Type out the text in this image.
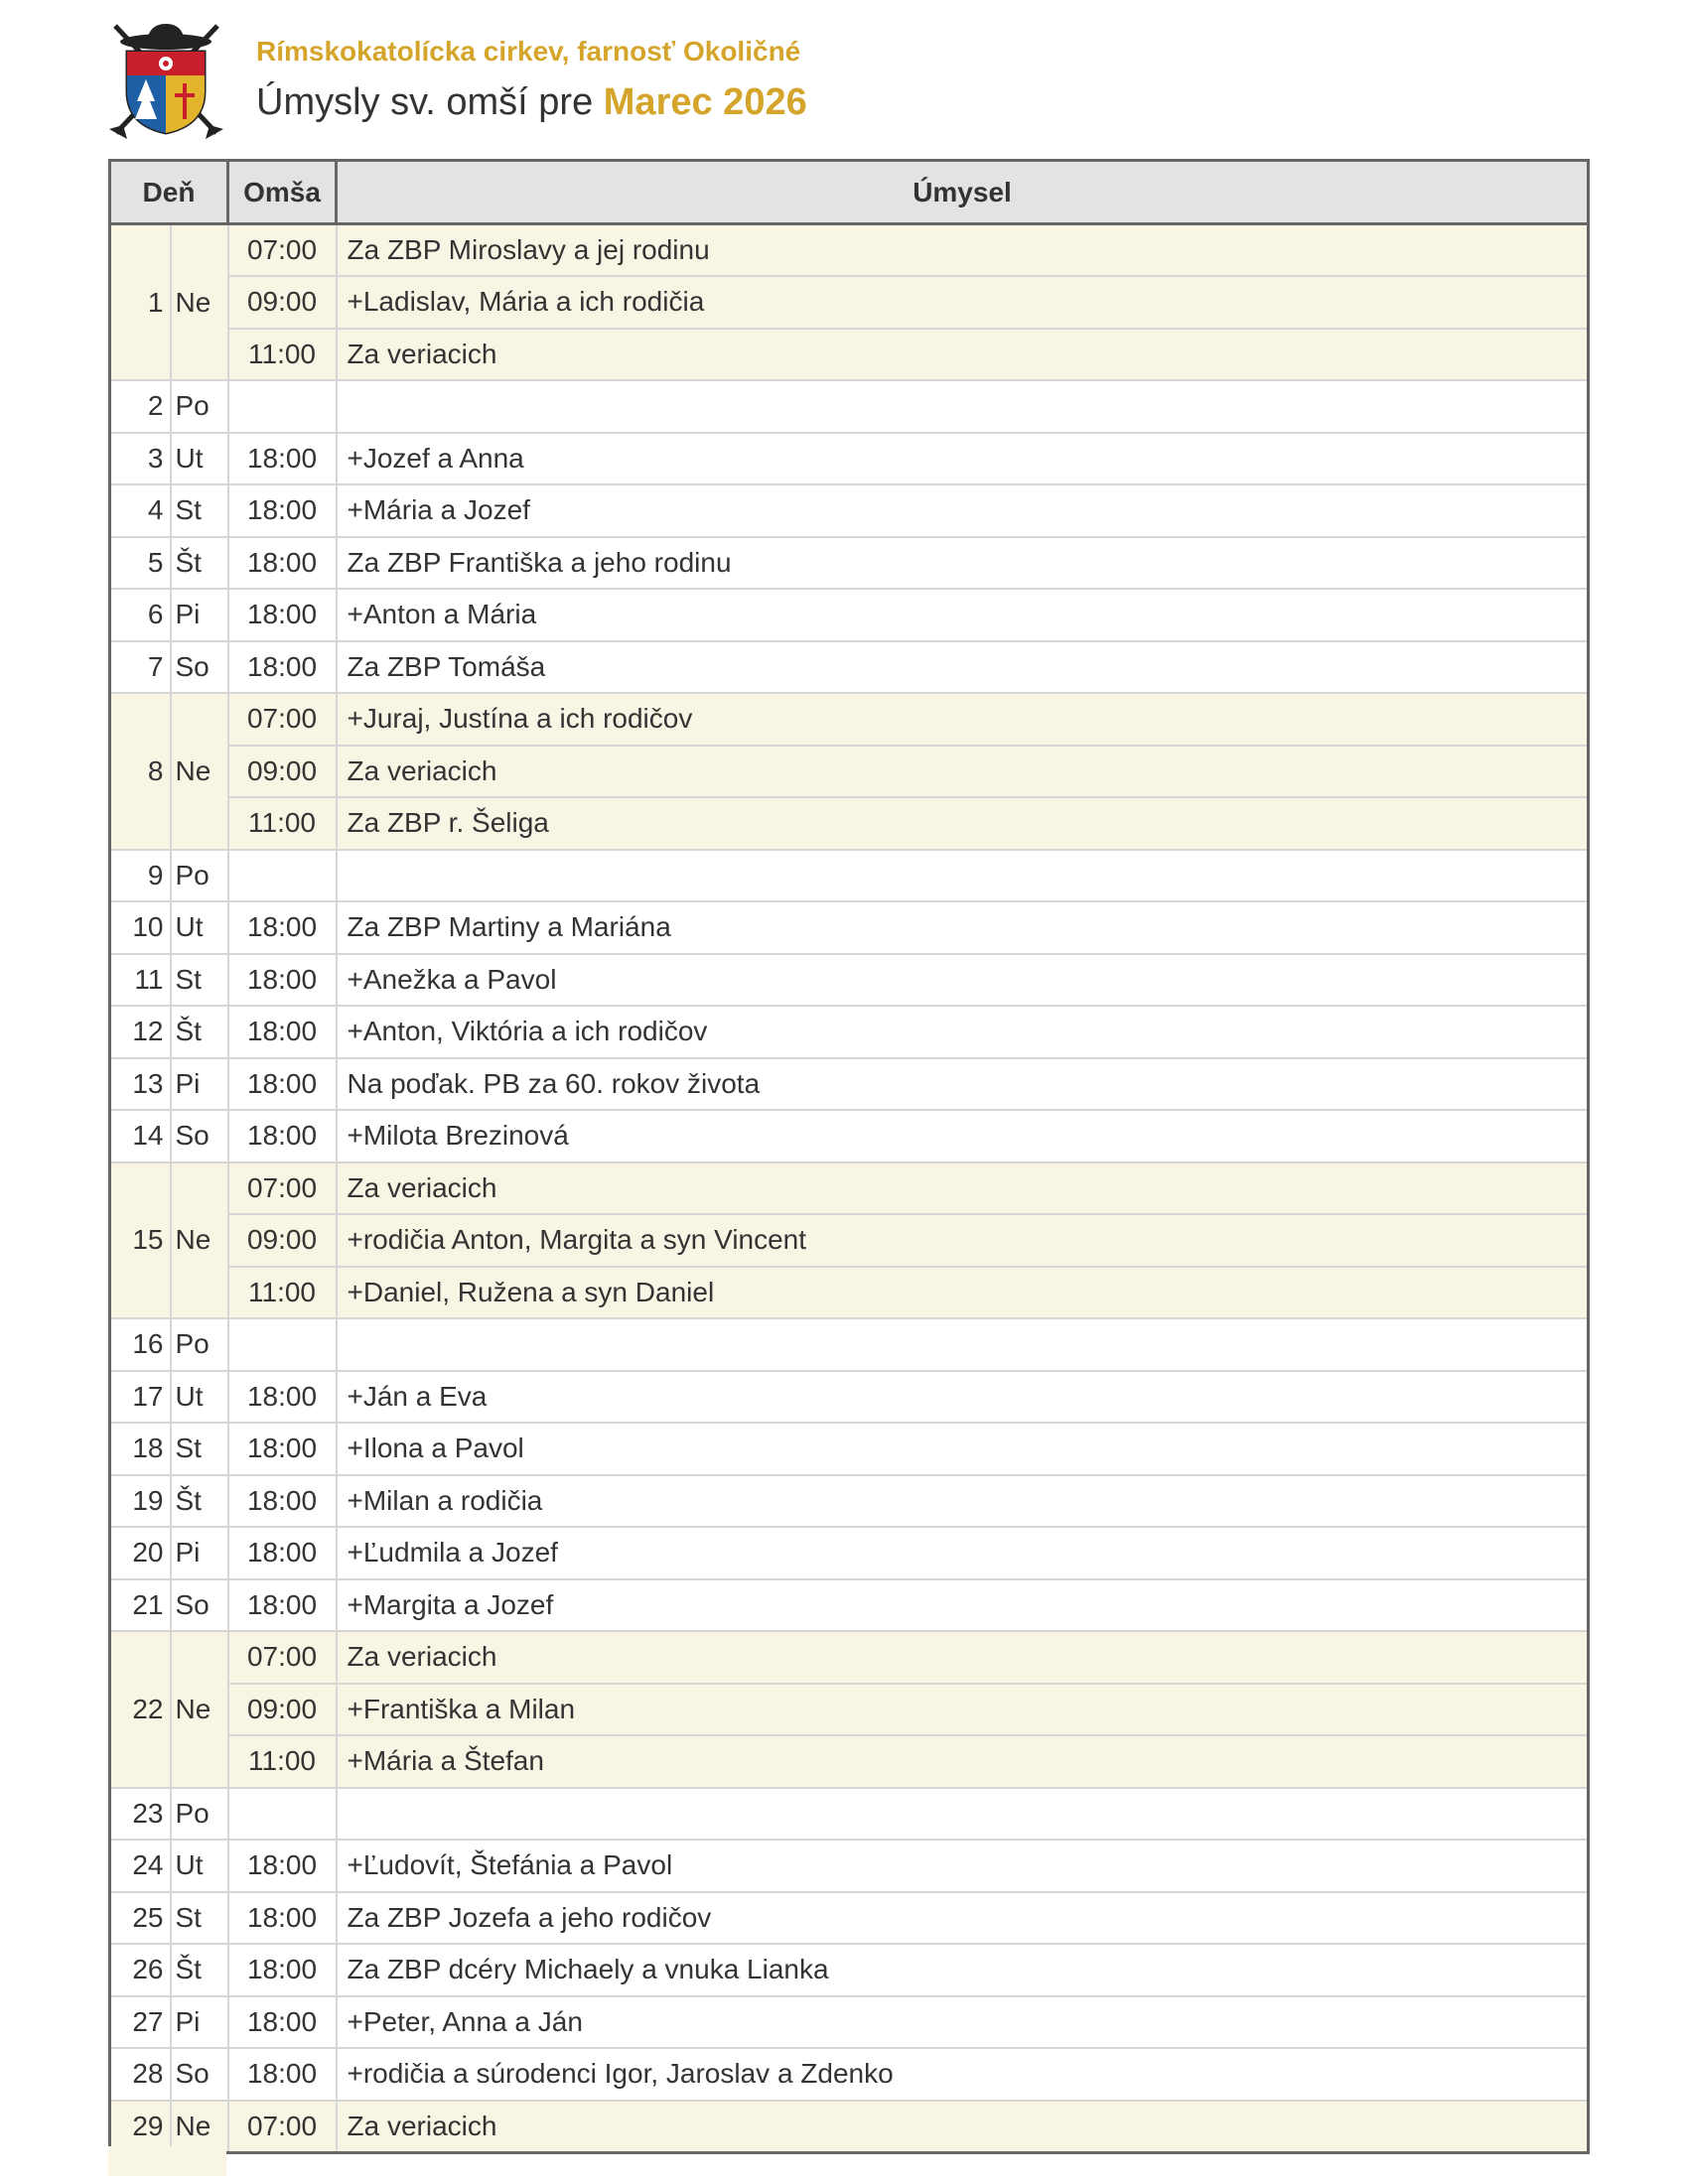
Rímskokatolícka cirkev, farnosť Okoličné
Úmysly sv. omší pre Marec 2026
Deň		Omša	Úmysel
1	Ne	07:00	Za ZBP Miroslavy a jej rodinu
		09:00	+Ladislav, Mária a ich rodičia
		11:00	Za veriacich
2	Po		
3	Ut	18:00	+Jozef a Anna
4	St	18:00	+Mária a Jozef
5	Št	18:00	Za ZBP Františka a jeho rodinu
6	Pi	18:00	+Anton a Mária
7	So	18:00	Za ZBP Tomáša
8	Ne	07:00	+Juraj, Justína a ich rodičov
		09:00	Za veriacich
		11:00	Za ZBP r. Šeliga
9	Po		
10	Ut	18:00	Za ZBP Martiny a Mariána
11	St	18:00	+Anežka a Pavol
12	Št	18:00	+Anton, Viktória a ich rodičov
13	Pi	18:00	Na poďak. PB za 60. rokov života
14	So	18:00	+Milota Brezinová
15	Ne	07:00	Za veriacich
		09:00	+rodičia Anton, Margita a syn Vincent
		11:00	+Daniel, Ružena a syn Daniel
16	Po		
17	Ut	18:00	+Ján a Eva
18	St	18:00	+Ilona a Pavol
19	Št	18:00	+Milan a rodičia
20	Pi	18:00	+Ľudmila a Jozef
21	So	18:00	+Margita a Jozef
22	Ne	07:00	Za veriacich
		09:00	+Františka a Milan
		11:00	+Mária a Štefan
23	Po		
24	Ut	18:00	+Ľudovít, Štefánia a Pavol
25	St	18:00	Za ZBP Jozefa a jeho rodičov
26	Št	18:00	Za ZBP dcéry Michaely a vnuka Lianka
27	Pi	18:00	+Peter, Anna a Ján
28	So	18:00	+rodičia a súrodenci Igor, Jaroslav a Zdenko
29	Ne	07:00	Za veriacich
